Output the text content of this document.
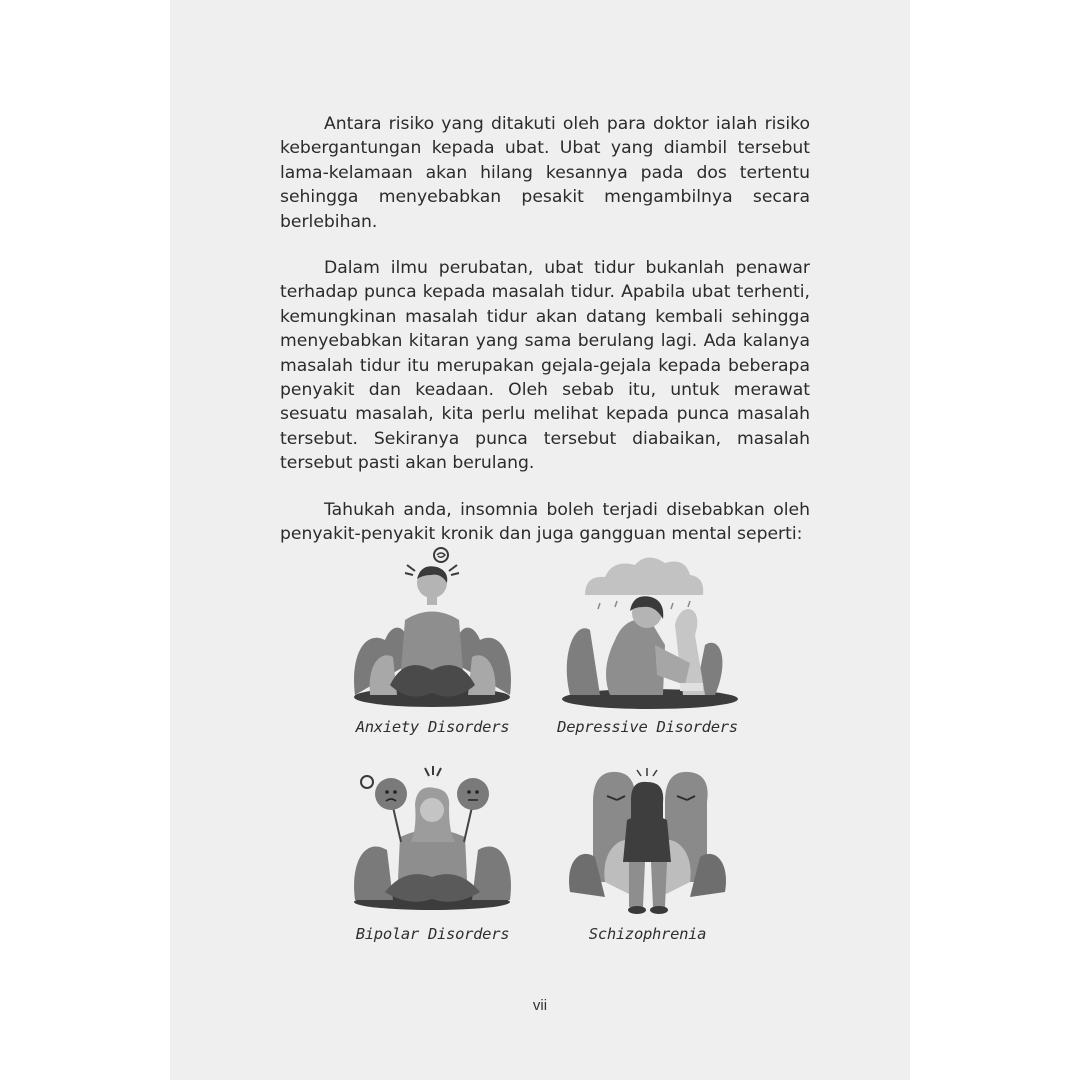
Antara risiko yang ditakuti oleh para doktor ialah risiko kebergantungan kepada ubat. Ubat yang diambil tersebut lama-kelamaan akan hilang kesannya pada dos tertentu sehingga menyebabkan pesakit mengambilnya secara berlebihan.

Dalam ilmu perubatan, ubat tidur bukanlah penawar terhadap punca kepada masalah tidur. Apabila ubat terhenti, kemungkinan masalah tidur akan datang kembali sehingga menyebabkan kitaran yang sama berulang lagi. Ada kalanya masalah tidur itu merupakan gejala-gejala kepada beberapa penyakit dan keadaan. Oleh sebab itu, untuk merawat sesuatu masalah, kita perlu melihat kepada punca masalah tersebut. Sekiranya punca tersebut diabaikan, masalah tersebut pasti akan berulang.

Tahukah anda, insomnia boleh terjadi disebabkan oleh penyakit-penyakit kronik dan juga gangguan mental seperti:

Anxiety Disorders	Depressive Disorders
Bipolar Disorders	Schizophrenia
vii
